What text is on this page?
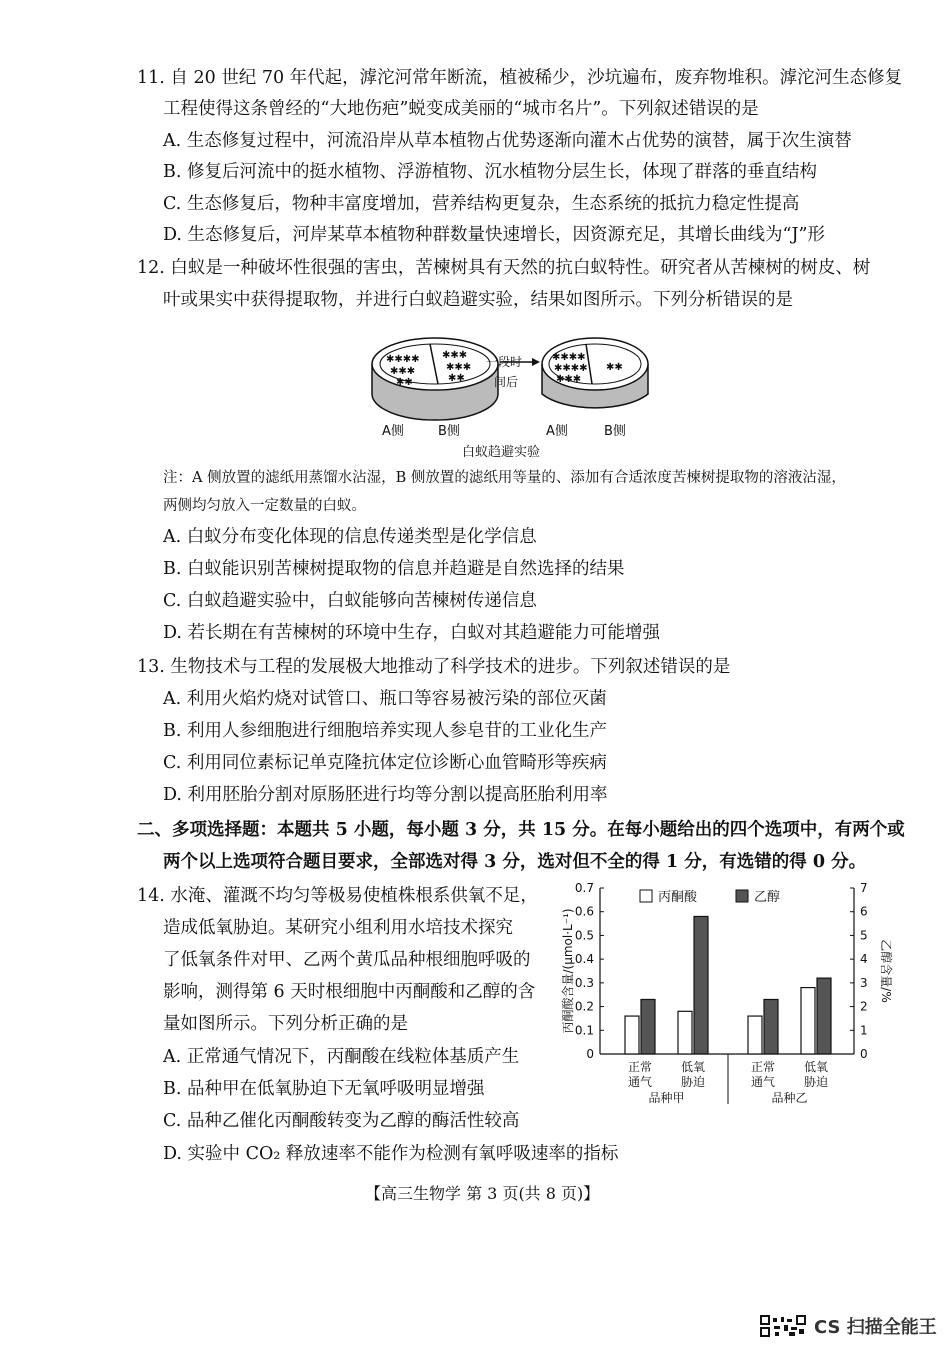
11. 自 20 世纪 70 年代起，滹沱河常年断流，植被稀少，沙坑遍布，废弃物堆积。滹沱河生态修复
工程使得这条曾经的“大地伤疤”蜕变成美丽的“城市名片”。下列叙述错误的是
A. 生态修复过程中，河流沿岸从草本植物占优势逐渐向灌木占优势的演替，属于次生演替
B. 修复后河流中的挺水植物、浮游植物、沉水植物分层生长，体现了群落的垂直结构
C. 生态修复后，物种丰富度增加，营养结构更复杂，生态系统的抵抗力稳定性提高
D. 生态修复后，河岸某草本植物种群数量快速增长，因资源充足，其增长曲线为“J”形
12. 白蚁是一种破坏性很强的害虫，苦楝树具有天然的抗白蚁特性。研究者从苦楝树的树皮、树
叶或果实中获得提取物，并进行白蚁趋避实验，结果如图所示。下列分析错误的是
✱✱✱✱
✱✱✱
✱✱
✱✱✱
✱✱✱
✱✱
一段时
间后
✱✱✱✱
✱✱✱✱
✱✱✱
✱✱
A侧	B侧	A侧	B侧
白蚁趋避实验
注：A 侧放置的滤纸用蒸馏水沾湿，B 侧放置的滤纸用等量的、添加有合适浓度苦楝树提取物的溶液沾湿，
两侧均匀放入一定数量的白蚁。
A. 白蚁分布变化体现的信息传递类型是化学信息
B. 白蚁能识别苦楝树提取物的信息并趋避是自然选择的结果
C. 白蚁趋避实验中，白蚁能够向苦楝树传递信息
D. 若长期在有苦楝树的环境中生存，白蚁对其趋避能力可能增强
13. 生物技术与工程的发展极大地推动了科学技术的进步。下列叙述错误的是
A. 利用火焰灼烧对试管口、瓶口等容易被污染的部位灭菌
B. 利用人参细胞进行细胞培养实现人参皂苷的工业化生产
C. 利用同位素标记单克隆抗体定位诊断心血管畸形等疾病
D. 利用胚胎分割对原肠胚进行均等分割以提高胚胎利用率
二、多项选择题：本题共 5 小题，每小题 3 分，共 15 分。在每小题给出的四个选项中，有两个或
两个以上选项符合题目要求，全部选对得 3 分，选对但不全的得 1 分，有选错的得 0 分。
14. 水淹、灌溉不均匀等极易使植株根系供氧不足，
造成低氧胁迫。某研究小组利用水培技术探究
了低氧条件对甲、乙两个黄瓜品种根细胞呼吸的
影响，测得第 6 天时根细胞中丙酮酸和乙醇的含
量如图所示。下列分析正确的是
A. 正常通气情况下，丙酮酸在线粒体基质产生
B. 品种甲在低氧胁迫下无氧呼吸明显增强
C. 品种乙催化丙酮酸转变为乙醇的酶活性较高
D. 实验中 CO₂ 释放速率不能作为检测有氧呼吸速率的指标
0
0.1
0.2
0.3
0.4
0.5
0.6
0.7
0
1
2
3
4
5
6
7
丙酮酸含量/(μmol·L⁻¹)	乙醇含量/%
丙酮酸	乙醇
正常
通气
低氧
胁迫
品种甲
正常
通气
低氧
胁迫
品种乙
【高三生物学 第 3 页(共 8 页)】
CS 扫描全能王
